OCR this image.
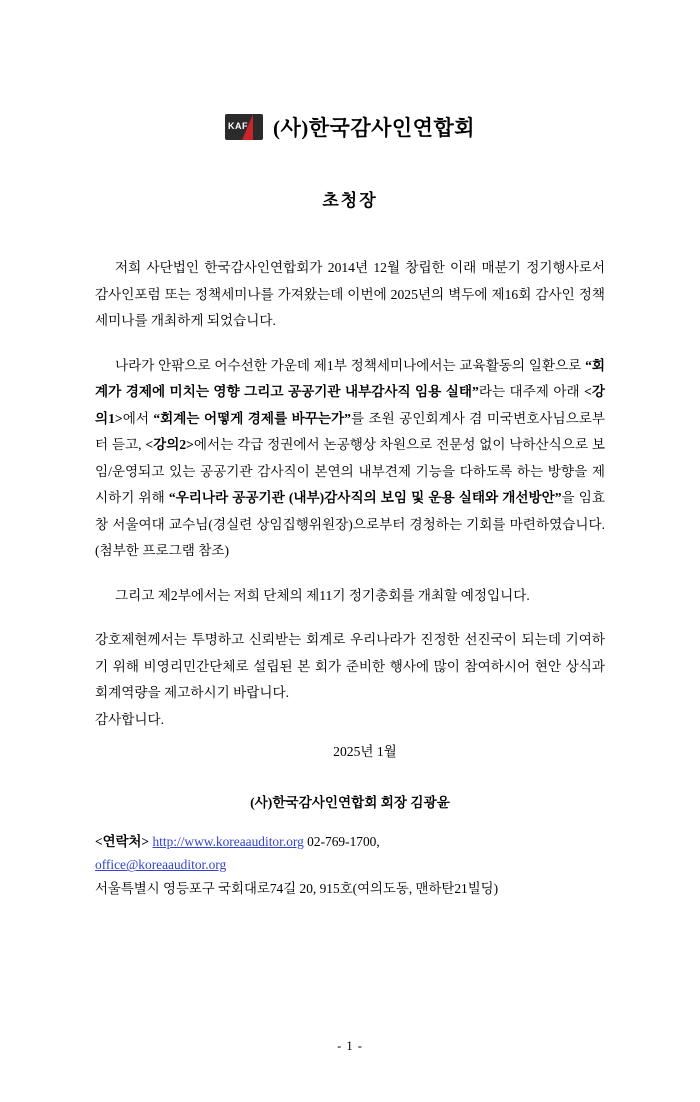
KAF (사)한국감사인연합회
초청장

저희 사단법인 한국감사인연합회가 2014년 12월 창립한 이래 매분기 정기행사로서 감사인포럼 또는 정책세미나를 가져왔는데 이번에 2025년의 벽두에 제16회 감사인 정책세미나를 개최하게 되었습니다.

나라가 안팎으로 어수선한 가운데 제1부 정책세미나에서는 교육활동의 일환으로 “회계가 경제에 미치는 영향 그리고 공공기관 내부감사직 임용 실태”라는 대주제 아래 <강의1>에서 “회계는 어떻게 경제를 바꾸는가”를 조원 공인회계사 겸 미국변호사님으로부터 듣고, <강의2>에서는 각급 정권에서 논공행상 차원으로 전문성 없이 낙하산식으로 보임/운영되고 있는 공공기관 감사직이 본연의 내부견제 기능을 다하도록 하는 방향을 제시하기 위해 “우리나라 공공기관 (내부)감사직의 보임 및 운용 실태와 개선방안”을 임효창 서울여대 교수님(경실련 상임집행위원장)으로부터 경청하는 기회를 마련하였습니다.(첨부한 프로그램 참조)

그리고 제2부에서는 저희 단체의 제11기 정기총회를 개최할 예정입니다.

강호제현께서는 투명하고 신뢰받는 회계로 우리나라가 진정한 선진국이 되는데 기여하기 위해 비영리민간단체로 설립된 본 회가 준비한 행사에 많이 참여하시어 현안 상식과 회계역량을 제고하시기 바랍니다.

감사합니다.

2025년 1월

(사)한국감사인연합회 회장 김광윤

<연락처> http://www.koreaauditor.org 02-769-1700,
office@koreaauditor.org
서울특별시 영등포구 국회대로74길 20, 915호(여의도동, 맨하탄21빌딩)
- 1 -
